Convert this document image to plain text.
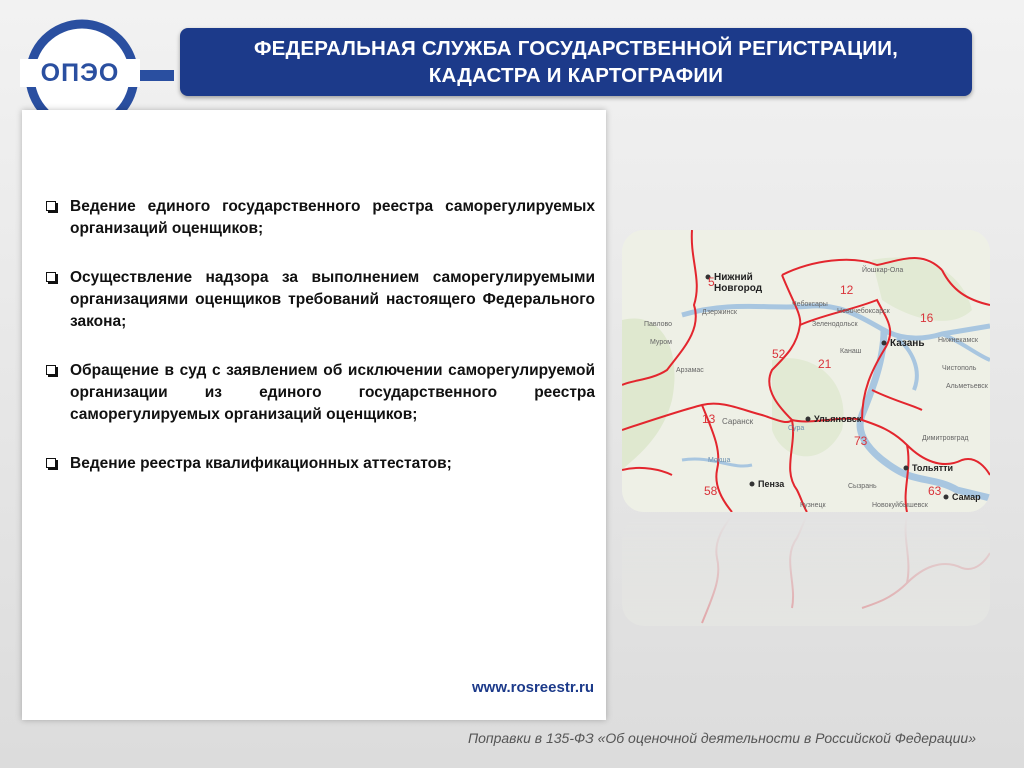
ОПЭО
ФЕДЕРАЛЬНАЯ СЛУЖБА ГОСУДАРСТВЕННОЙ РЕГИСТРАЦИИ,
КАДАСТРА И КАРТОГРАФИИ
Ведение единого государственного реестра саморегулируемых организаций оценщиков;
Осуществление надзора за выполнением саморегулируемыми организациями оценщиков требований настоящего Федерального закона;
Обращение в суд с заявлением об исключении саморегулируемой организации из единого государственного реестра саморегулируемых организаций оценщиков;
Ведение реестра квалификационных аттестатов;
www.rosreestr.ru
Нижний
Новгород
Казань
Ульяновск
Пенза
Тольятти
Самар
Саранск
Йошкар-Ола
Чебоксары
Новочебоксарск
Зеленодольск
Дзержинск
Муром
Арзамас
Павлово
Канаш
Нижнекамск
Чистополь
Альметьевск
Димитровград
Сызрань
Новокуйбышевск
Кузнецк
Мокша
Сура
52
12
16
21
13
73
58	63
5
Поправки в 135-ФЗ «Об оценочной деятельности в Российской Федерации»
